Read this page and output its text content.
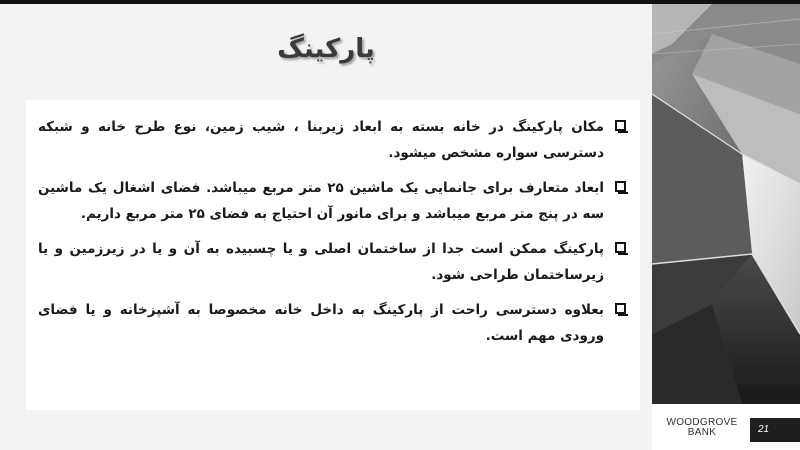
پارکینگ
مکان پارکینگ در خانه بسته به ابعاد زیربنا ، شیب زمین، نوع طرح خانه و شبکه دسترسی سواره مشخص میشود.
ابعاد متعارف برای جانمایی یک ماشین ۲۵ متر مربع میباشد. فضای اشغال یک ماشین سه در پنج متر مربع میباشد و برای مانور آن احتیاج به فضای ۲۵ متر مربع داریم.
پارکینگ ممکن است جدا از ساختمان اصلی و یا چسبیده به آن و یا در زیرزمین و یا زیرساختمان طراحی شود.
بعلاوه دسترسی راحت از پارکینگ به داخل خانه مخصوصا به آشپزخانه و یا فضای ورودی مهم است.
WOODGROVE
BANK	21
